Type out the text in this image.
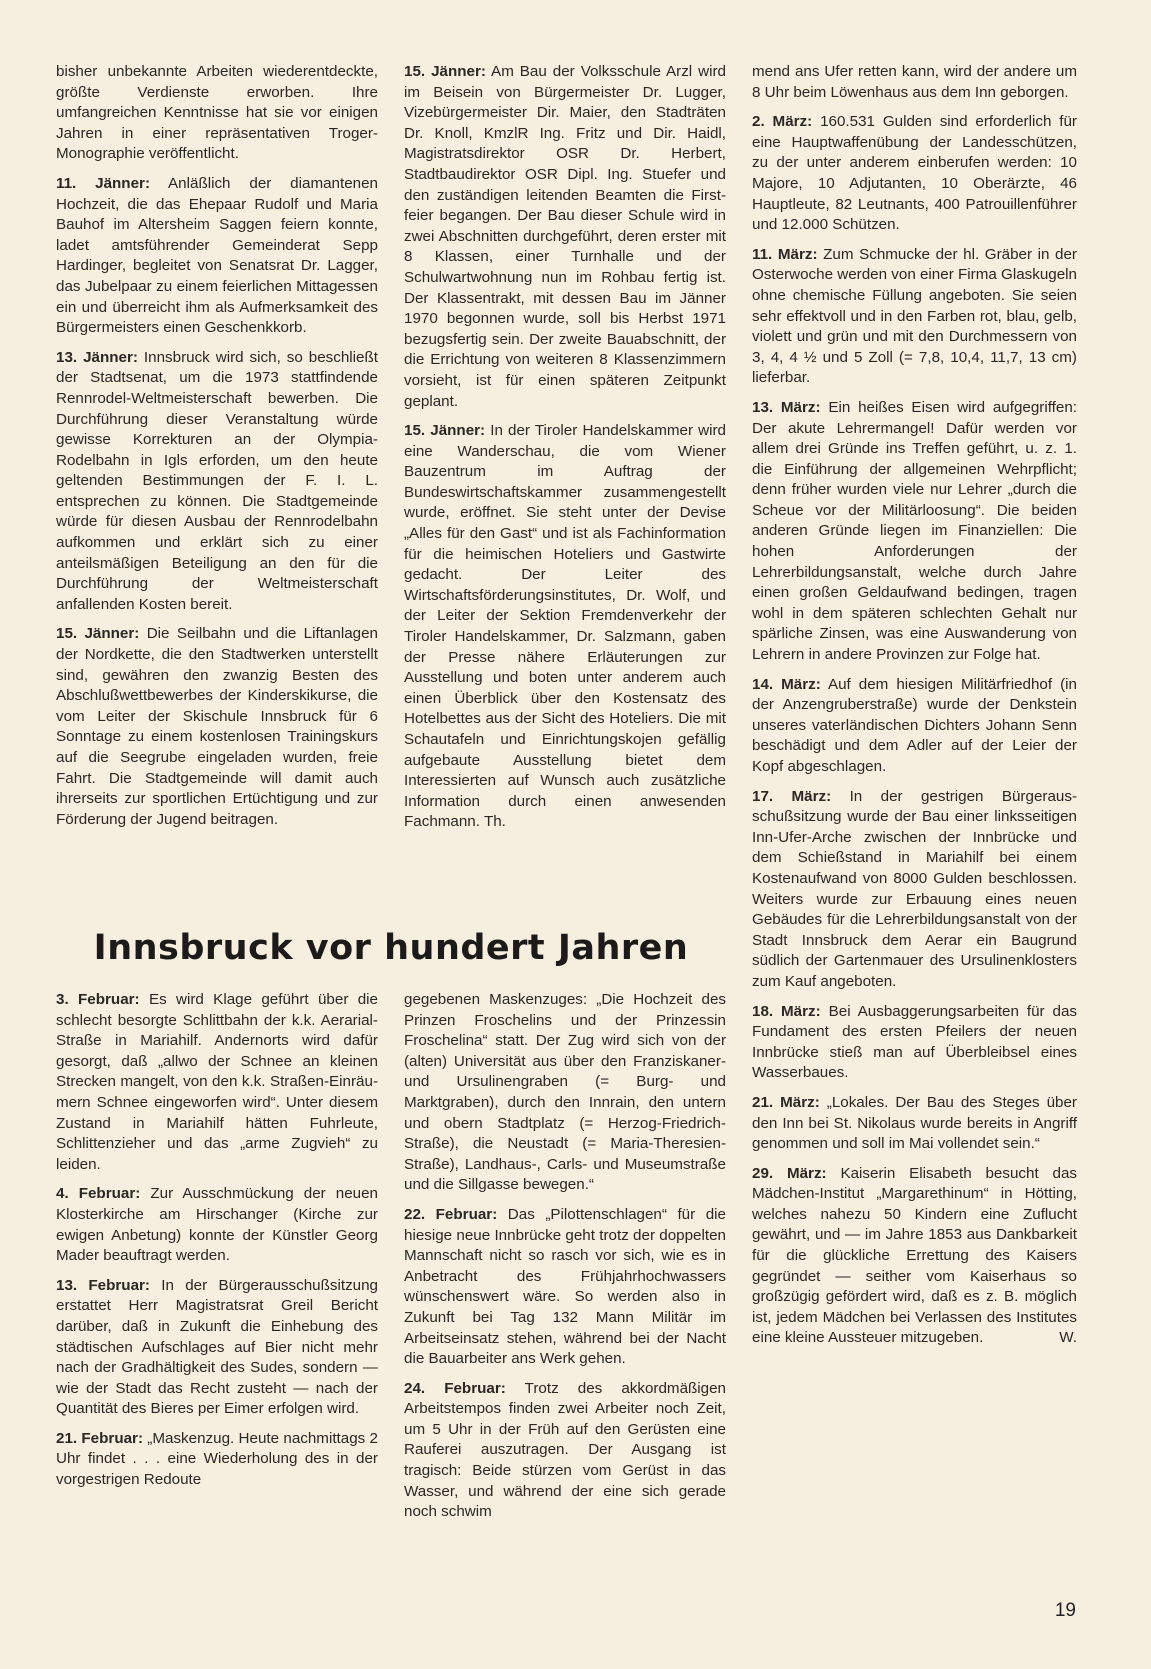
bisher unbekannte Arbeiten wiederentdeckte, größte Verdienste erworben. Ihre umfangreichen Kenntnisse hat sie vor einigen Jahren in einer repräsentativen Troger-Monographie veröffentlicht.

11. Jänner: Anläßlich der diamantenen Hochzeit, die das Ehepaar Rudolf und Maria Bauhof im Altersheim Saggen feiern konnte, ladet amtsführender Gemeinderat Sepp Hardinger, begleitet von Senatsrat Dr. Lagger, das Jubelpaar zu einem feierlichen Mittagessen ein und überreicht ihm als Aufmerksamkeit des Bürgermeisters einen Geschenkkorb.

13. Jänner: Innsbruck wird sich, so beschließt der Stadtsenat, um die 1973 stattfindende Rennrodel-Weltmeisterschaft bewerben. Die Durchführung dieser Veranstaltung würde gewisse Korrekturen an der Olympia-Rodelbahn in Igls erforden, um den heute geltenden Bestimmungen der F. I. L. entsprechen zu können. Die Stadtgemeinde würde für diesen Ausbau der Rennrodelbahn aufkommen und erklärt sich zu einer anteilsmäßigen Beteiligung an den für die Durchführung der Weltmeisterschaft anfallenden Kosten bereit.

15. Jänner: Die Seilbahn und die Liftanlagen der Nordkette, die den Stadtwerken unterstellt sind, gewähren den zwanzig Besten des Abschlußwettbewerbes der Kinderskikurse, die vom Leiter der Skischule Innsbruck für 6 Sonntage zu einem kostenlosen Trainingskurs auf die Seegrube eingeladen wurden, freie Fahrt. Die Stadtgemeinde will damit auch ihrerseits zur sportlichen Ertüchtigung und zur Förderung der Jugend beitragen.

15. Jänner: Am Bau der Volksschule Arzl wird im Beisein von Bürgermeister Dr. Lugger, Vizebürgermeister Dir. Maier, den Stadträten Dr. Knoll, KmzlR Ing. Fritz und Dir. Haidl, Magistratsdirektor OSR Dr. Herbert, Stadtbaudirektor OSR Dipl. Ing. Stuefer und den zuständigen leitenden Beamten die Firstfeier begangen. Der Bau dieser Schule wird in zwei Abschnitten durchgeführt, deren erster mit 8 Klassen, einer Turnhalle und der Schulwartwohnung nun im Rohbau fertig ist. Der Klassentrakt, mit dessen Bau im Jänner 1970 begonnen wurde, soll bis Herbst 1971 bezugsfertig sein. Der zweite Bauabschnitt, der die Errichtung von weiteren 8 Klassenzimmern vorsieht, ist für einen späteren Zeitpunkt geplant.

15. Jänner: In der Tiroler Handelskammer wird eine Wanderschau, die vom Wiener Bauzentrum im Auftrag der Bundeswirtschaftskammer zusammengestellt wurde, eröffnet. Sie steht unter der Devise „Alles für den Gast“ und ist als Fachinformation für die heimischen Hoteliers und Gastwirte gedacht. Der Leiter des Wirtschaftsförderungsinstitutes, Dr. Wolf, und der Leiter der Sektion Fremdenverkehr der Tiroler Handelskammer, Dr. Salzmann, gaben der Presse nähere Erläuterungen zur Ausstellung und boten unter anderem auch einen Überblick über den Kostensatz des Hotelbettes aus der Sicht des Hoteliers. Die mit Schautafeln und Einrichtungskojen gefällig aufgebaute Ausstellung bietet dem Interessierten auf Wunsch auch zusätzliche Information durch einen anwesenden Fachmann. Th.

mend ans Ufer retten kann, wird der andere um 8 Uhr beim Löwenhaus aus dem Inn geborgen.

2. März: 160.531 Gulden sind erforderlich für eine Hauptwaffenübung der Landesschützen, zu der unter anderem einberufen werden: 10 Majore, 10 Adjutanten, 10 Oberärzte, 46 Hauptleute, 82 Leutnants, 400 Patrouillenführer und 12.000 Schützen.

11. März: Zum Schmucke der hl. Gräber in der Osterwoche werden von einer Firma Glaskugeln ohne chemische Füllung angeboten. Sie seien sehr effektvoll und in den Farben rot, blau, gelb, violett und grün und mit den Durchmessern von 3, 4, 4 ½ und 5 Zoll (= 7,8, 10,4, 11,7, 13 cm) lieferbar.

13. März: Ein heißes Eisen wird aufgegriffen: Der akute Lehrermangel! Dafür werden vor allem drei Gründe ins Treffen geführt, u. z. 1. die Einführung der allgemeinen Wehrpflicht; denn früher wurden viele nur Lehrer „durch die Scheue vor der Militärloosung“. Die beiden anderen Gründe liegen im Finanziellen: Die hohen Anforderungen der Lehrerbildungsanstalt, welche durch Jahre einen großen Geldaufwand bedingen, tragen wohl in dem späteren schlechten Gehalt nur spärliche Zinsen, was eine Auswanderung von Lehrern in andere Provinzen zur Folge hat.

14. März: Auf dem hiesigen Militärfriedhof (in der Anzengruberstraße) wurde der Denkstein unseres vaterländischen Dichters Johann Senn beschädigt und dem Adler auf der Leier der Kopf abgeschlagen.

17. März: In der gestrigen Bürgerausschußsitzung wurde der Bau einer linksseitigen Inn-Ufer-Arche zwischen der Innbrücke und dem Schießstand in Mariahilf bei einem Kostenaufwand von 8000 Gulden beschlossen. Weiters wurde zur Erbauung eines neuen Gebäudes für die Lehrerbildungsanstalt von der Stadt Innsbruck dem Aerar ein Baugrund südlich der Gartenmauer des Ursulinenklosters zum Kauf angeboten.

18. März: Bei Ausbaggerungsarbeiten für das Fundament des ersten Pfeilers der neuen Innbrücke stieß man auf Überbleibsel eines Wasserbaues.

21. März: „Lokales. Der Bau des Steges über den Inn bei St. Nikolaus wurde bereits in Angriff genommen und soll im Mai vollendet sein.“

29. März: Kaiserin Elisabeth besucht das Mädchen-Institut „Margarethinum“ in Hötting, welches nahezu 50 Kindern eine Zuflucht gewährt, und — im Jahre 1853 aus Dankbarkeit für die glückliche Errettung des Kaisers gegründet — seither vom Kaiserhaus so großzügig gefördert wird, daß es z. B. möglich ist, jedem Mädchen bei Verlassen des Institutes eine kleine Aussteuer mitzugeben.	W.

Innsbruck vor hundert Jahren

3. Februar: Es wird Klage geführt über die schlecht besorgte Schlittbahn der k.k. Aerarial-Straße in Mariahilf. Andernorts wird dafür gesorgt, daß „allwo der Schnee an kleinen Strecken mangelt, von den k.k. Straßen-Einräumern Schnee eingeworfen wird“. Unter diesem Zustand in Mariahilf hätten Fuhrleute, Schlittenzieher und das „arme Zugvieh“ zu leiden.

4. Februar: Zur Ausschmückung der neuen Klosterkirche am Hirschanger (Kirche zur ewigen Anbetung) konnte der Künstler Georg Mader beauftragt werden.

13. Februar: In der Bürgerausschußsitzung erstattet Herr Magistratsrat Greil Bericht darüber, daß in Zukunft die Einhebung des städtischen Aufschlages auf Bier nicht mehr nach der Gradhältigkeit des Sudes, sondern — wie der Stadt das Recht zusteht — nach der Quantität des Bieres per Eimer erfolgen wird.

21. Februar: „Maskenzug. Heute nachmittags 2 Uhr findet . . . eine Wiederholung des in der vorgestrigen Redoute

gegebenen Maskenzuges: „Die Hochzeit des Prinzen Froschelins und der Prinzessin Froschelina“ statt. Der Zug wird sich von der (alten) Universität aus über den Franziskaner- und Ursulinengraben (= Burg- und Marktgraben), durch den Innrain, den untern und obern Stadtplatz (= Herzog-Friedrich-Straße), die Neustadt (= Maria-Theresien-Straße), Landhaus-, Carls- und Museumstraße und die Sillgasse bewegen.“

22. Februar: Das „Pilottenschlagen“ für die hiesige neue Innbrücke geht trotz der doppelten Mannschaft nicht so rasch vor sich, wie es in Anbetracht des Frühjahrhochwassers wünschenswert wäre. So werden also in Zukunft bei Tag 132 Mann Militär im Arbeitseinsatz stehen, während bei der Nacht die Bauarbeiter ans Werk gehen.

24. Februar: Trotz des akkordmäßigen Arbeitstempos finden zwei Arbeiter noch Zeit, um 5 Uhr in der Früh auf den Gerüsten eine Rauferei auszutragen. Der Ausgang ist tragisch: Beide stürzen vom Gerüst in das Wasser, und während der eine sich gerade noch schwim

19
